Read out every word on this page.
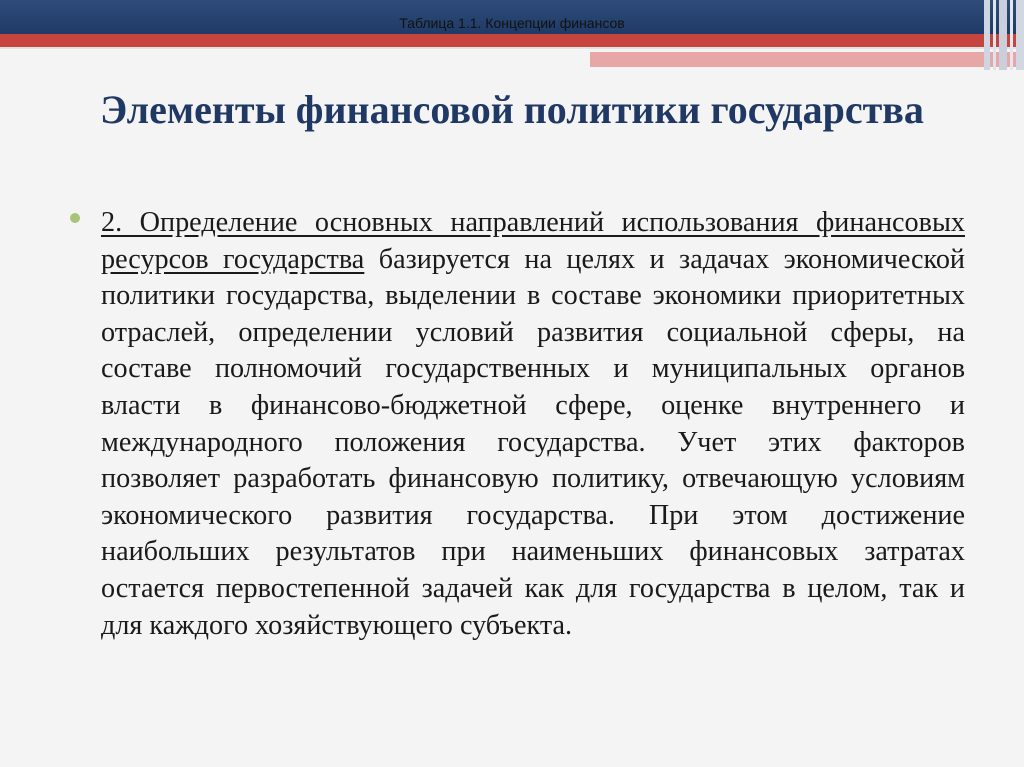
Таблица 1.1. Концепции финансов
Элементы финансовой политики государства
2. Определение основных направлений использования финансовых ресурсов государства базируется на целях и задачах экономической политики государства, выделении в составе экономики приоритетных отраслей, определении условий развития социальной сферы, на составе полномочий государственных и муниципальных органов власти в финансово-бюджетной сфере, оценке внутреннего и международного положения государства. Учет этих факторов позволяет разработать финансовую политику, отвечающую условиям экономического развития государства. При этом достижение наибольших результатов при наименьших финансовых затратах остается первостепенной задачей как для государства в целом, так и для каждого хозяйствующего субъекта.
